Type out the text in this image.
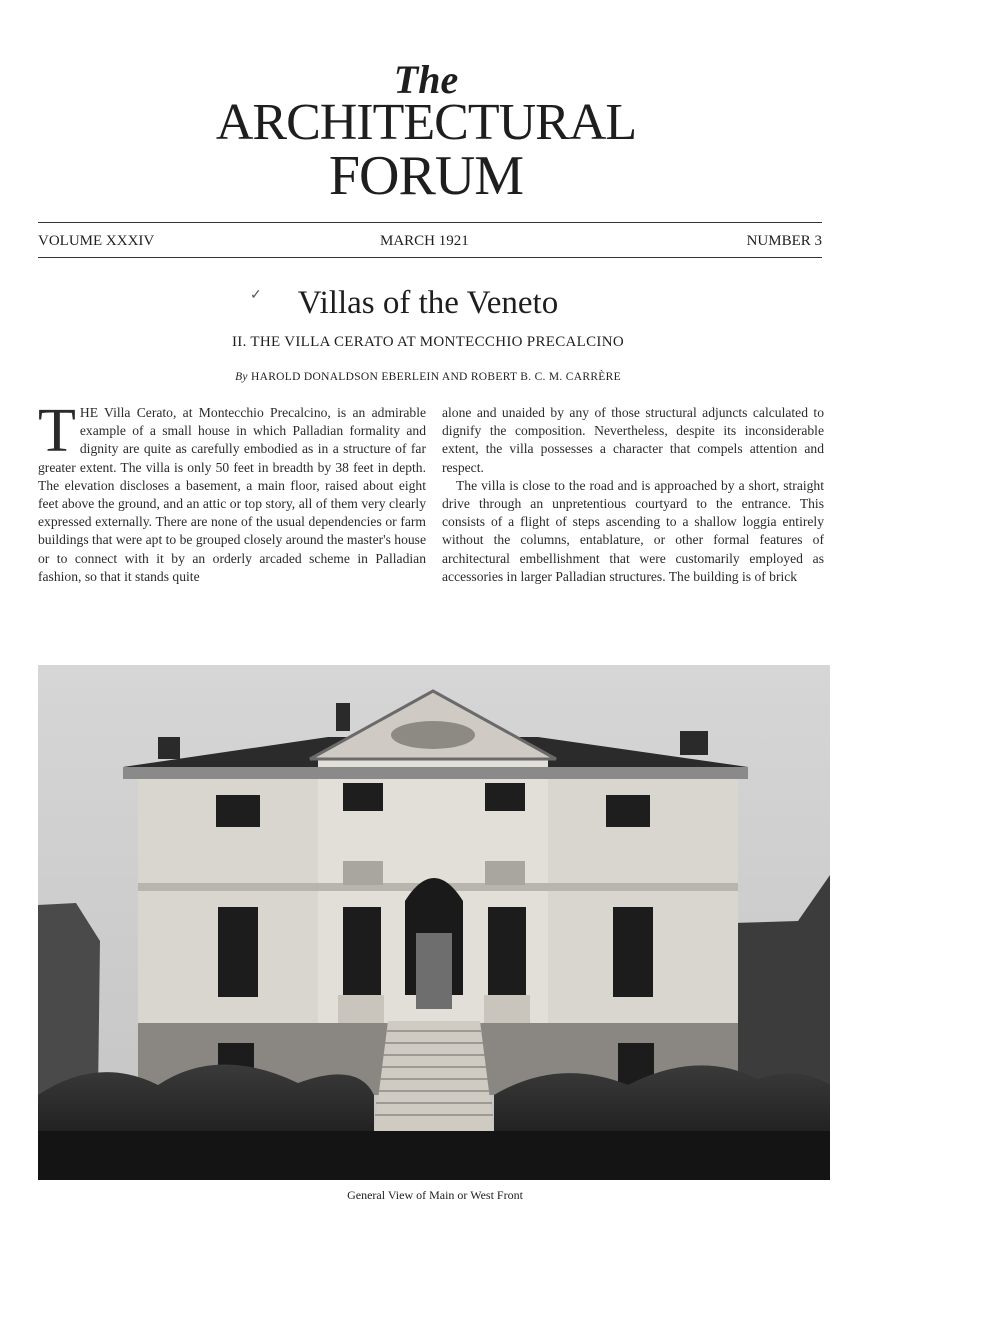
The
ARCHITECTURAL
FORUM
VOLUME XXXIV	MARCH 1921	NUMBER 3
✓	Villas of the Veneto
II. THE VILLA CERATO AT MONTECCHIO PRECALCINO
By HAROLD DONALDSON EBERLEIN AND ROBERT B. C. M. CARRÈRE

THE Villa Cerato, at Montecchio Precalcino, is an admirable example of a small house in which Palladian formality and dignity are quite as carefully embodied as in a structure of far greater extent. The villa is only 50 feet in breadth by 38 feet in depth. The elevation discloses a basement, a main floor, raised about eight feet above the ground, and an attic or top story, all of them very clearly expressed externally. There are none of the usual dependencies or farm buildings that were apt to be grouped closely around the master's house or to connect with it by an orderly arcaded scheme in Palladian fashion, so that it stands quite

alone and unaided by any of those structural adjuncts calculated to dignify the composition. Nevertheless, despite its inconsiderable extent, the villa possesses a character that compels attention and respect.

The villa is close to the road and is approached by a short, straight drive through an unpretentious courtyard to the entrance. This consists of a flight of steps ascending to a shallow loggia entirely without the columns, entablature, or other formal features of architectural embellishment that were customarily employed as accessories in larger Palladian structures. The building is of brick

General View of Main or West Front
